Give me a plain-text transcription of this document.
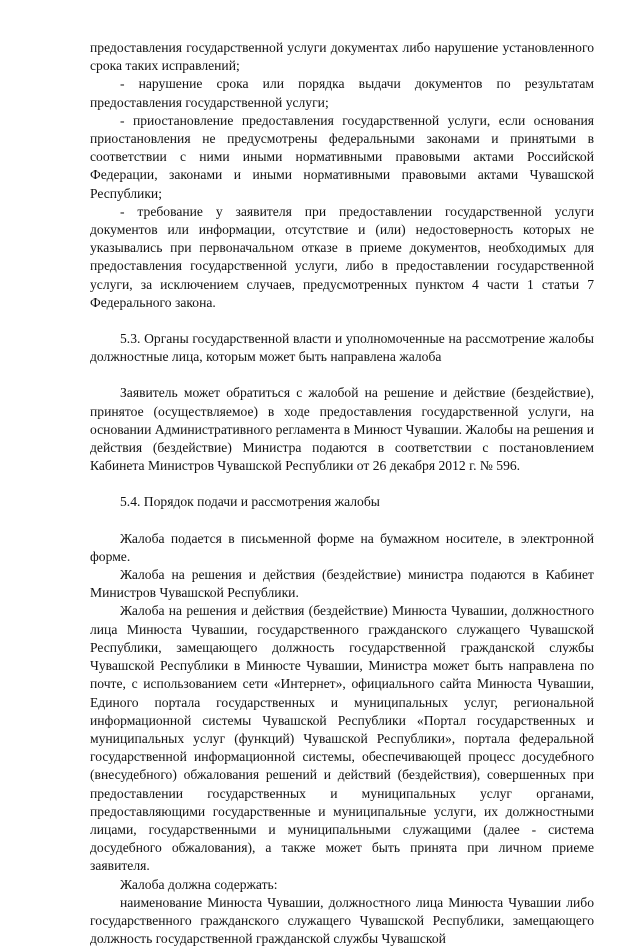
предоставления государственной услуги документах либо нарушение установленного срока таких исправлений;

- нарушение срока или порядка выдачи документов по результатам предоставления государственной услуги;

- приостановление предоставления государственной услуги, если основания приостановления не предусмотрены федеральными законами и принятыми в соответствии с ними иными нормативными правовыми актами Российской Федерации, законами и иными нормативными правовыми актами Чувашской Республики;

- требование у заявителя при предоставлении государственной услуги документов или информации, отсутствие и (или) недостоверность которых не указывались при первоначальном отказе в приеме документов, необходимых для предоставления государственной услуги, либо в предоставлении государственной услуги, за исключением случаев, предусмотренных пунктом 4 части 1 статьи 7 Федерального закона.

5.3. Органы государственной власти и уполномоченные на рассмотрение жалобы должностные лица, которым может быть направлена жалоба

Заявитель может обратиться с жалобой на решение и действие (бездействие), принятое (осуществляемое) в ходе предоставления государственной услуги, на основании Административного регламента в Минюст Чувашии. Жалобы на решения и действия (бездействие) Министра подаются в соответствии с постановлением Кабинета Министров Чувашской Республики от 26 декабря 2012 г. № 596.

5.4. Порядок подачи и рассмотрения жалобы

Жалоба подается в письменной форме на бумажном носителе, в электронной форме.

Жалоба на решения и действия (бездействие) министра подаются в Кабинет Министров Чувашской Республики.

Жалоба на решения и действия (бездействие) Минюста Чувашии, должностного лица Минюста Чувашии, государственного гражданского служащего Чувашской Республики, замещающего должность государственной гражданской службы Чувашской Республики в Минюсте Чувашии, Министра может быть направлена по почте, с использованием сети «Интернет», официального сайта Минюста Чувашии, Единого портала государственных и муниципальных услуг, региональной информационной системы Чувашской Республики «Портал государственных и муниципальных услуг (функций) Чувашской Республики», портала федеральной государственной информационной системы, обеспечивающей процесс досудебного (внесудебного) обжалования решений и действий (бездействия), совершенных при предоставлении государственных и муниципальных услуг органами, предоставляющими государственные и муниципальные услуги, их должностными лицами, государственными и муниципальными служащими (далее - система досудебного обжалования), а также может быть принята при личном приеме заявителя.

Жалоба должна содержать:

наименование Минюста Чувашии, должностного лица Минюста Чувашии либо государственного гражданского служащего Чувашской Республики, замещающего должность государственной гражданской службы Чувашской
